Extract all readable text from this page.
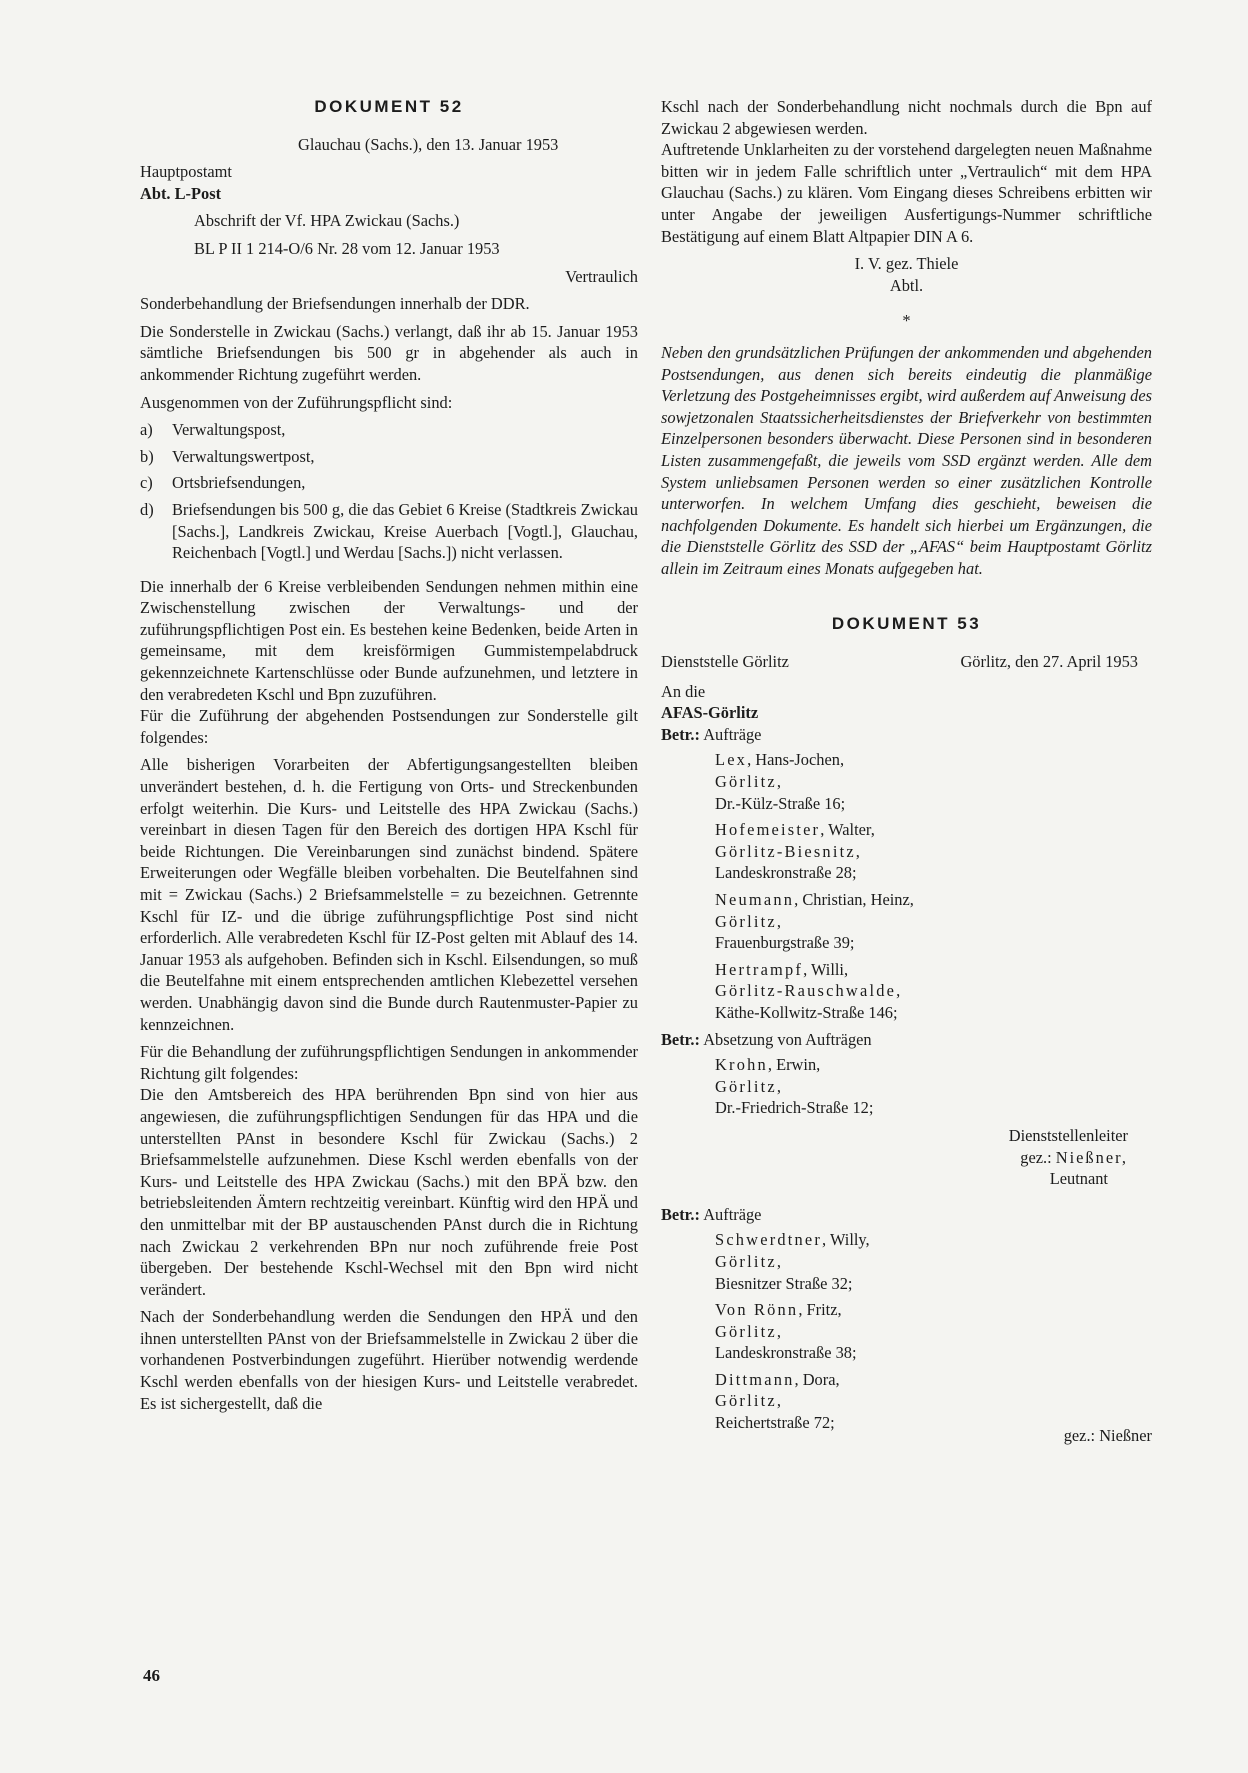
DOKUMENT 52

Glauchau (Sachs.), den 13. Januar 1953

Hauptpostamt

Abt. L-Post

Abschrift der Vf. HPA Zwickau (Sachs.)

BL P II 1 214-O/6 Nr. 28 vom 12. Januar 1953

Vertraulich

Sonderbehandlung der Briefsendungen innerhalb der DDR.

Die Sonderstelle in Zwickau (Sachs.) verlangt, daß ihr ab 15. Januar 1953 sämtliche Briefsendungen bis 500 gr in abgehender als auch in ankommender Richtung zugeführt werden.

Ausgenommen von der Zuführungspflicht sind:

a)	Verwaltungspost,
b)	Verwaltungswertpost,
c)	Ortsbriefsendungen,
d)	Briefsendungen bis 500 g, die das Gebiet 6 Kreise (Stadtkreis Zwickau [Sachs.], Landkreis Zwickau, Kreise Auerbach [Vogtl.], Glauchau, Reichenbach [Vogtl.] und Werdau [Sachs.]) nicht verlassen.

Die innerhalb der 6 Kreise verbleibenden Sendungen nehmen mithin eine Zwischenstellung zwischen der Verwaltungs- und der zuführungspflichtigen Post ein. Es bestehen keine Bedenken, beide Arten in gemeinsame, mit dem kreisförmigen Gummistempelabdruck gekennzeichnete Kartenschlüsse oder Bunde aufzunehmen, und letztere in den verabredeten Kschl und Bpn zuzuführen.

Für die Zuführung der abgehenden Postsendungen zur Sonderstelle gilt folgendes:

Alle bisherigen Vorarbeiten der Abfertigungsangestellten bleiben unverändert bestehen, d. h. die Fertigung von Orts- und Streckenbunden erfolgt weiterhin. Die Kurs- und Leitstelle des HPA Zwickau (Sachs.) vereinbart in diesen Tagen für den Bereich des dortigen HPA Kschl für beide Richtungen. Die Vereinbarungen sind zunächst bindend. Spätere Erweiterungen oder Wegfälle bleiben vorbehalten. Die Beutelfahnen sind mit = Zwickau (Sachs.) 2 Briefsammelstelle = zu bezeichnen. Getrennte Kschl für IZ- und die übrige zuführungspflichtige Post sind nicht erforderlich. Alle verabredeten Kschl für IZ-Post gelten mit Ablauf des 14. Januar 1953 als aufgehoben. Befinden sich in Kschl. Eilsendungen, so muß die Beutelfahne mit einem entsprechenden amtlichen Klebezettel versehen werden. Unabhängig davon sind die Bunde durch Rautenmuster-Papier zu kennzeichnen.

Für die Behandlung der zuführungspflichtigen Sendungen in ankommender Richtung gilt folgendes:

Die den Amtsbereich des HPA berührenden Bpn sind von hier aus angewiesen, die zuführungspflichtigen Sendungen für das HPA und die unterstellten PAnst in besondere Kschl für Zwickau (Sachs.) 2 Briefsammelstelle aufzunehmen. Diese Kschl werden ebenfalls von der Kurs- und Leitstelle des HPA Zwickau (Sachs.) mit den BPÄ bzw. den betriebsleitenden Ämtern rechtzeitig vereinbart. Künftig wird den HPÄ und den unmittelbar mit der BP austauschenden PAnst durch die in Richtung nach Zwickau 2 verkehrenden BPn nur noch zuführende freie Post übergeben. Der bestehende Kschl-Wechsel mit den Bpn wird nicht verändert.

Nach der Sonderbehandlung werden die Sendungen den HPÄ und den ihnen unterstellten PAnst von der Briefsammelstelle in Zwickau 2 über die vorhandenen Postverbindungen zugeführt. Hierüber notwendig werdende Kschl werden ebenfalls von der hiesigen Kurs- und Leitstelle verabredet. Es ist sichergestellt, daß die

Kschl nach der Sonderbehandlung nicht nochmals durch die Bpn auf Zwickau 2 abgewiesen werden.

Auftretende Unklarheiten zu der vorstehend dargelegten neuen Maßnahme bitten wir in jedem Falle schriftlich unter „Vertraulich“ mit dem HPA Glauchau (Sachs.) zu klären. Vom Eingang dieses Schreibens erbitten wir unter Angabe der jeweiligen Ausfertigungs-Nummer schriftliche Bestätigung auf einem Blatt Altpapier DIN A 6.

I. V. gez. Thiele

Abtl.

*

Neben den grundsätzlichen Prüfungen der ankommenden und abgehenden Postsendungen, aus denen sich bereits eindeutig die planmäßige Verletzung des Postgeheimnisses ergibt, wird außerdem auf Anweisung des sowjetzonalen Staatssicherheitsdienstes der Briefverkehr von bestimmten Einzelpersonen besonders überwacht. Diese Personen sind in besonderen Listen zusammengefaßt, die jeweils vom SSD ergänzt werden. Alle dem System unliebsamen Personen werden so einer zusätzlichen Kontrolle unterworfen. In welchem Umfang dies geschieht, beweisen die nachfolgenden Dokumente. Es handelt sich hierbei um Ergänzungen, die die Dienststelle Görlitz des SSD der „AFAS“ beim Hauptpostamt Görlitz allein im Zeitraum eines Monats aufgegeben hat.

DOKUMENT 53
Dienststelle Görlitz	Görlitz, den 27. April 1953

An die

AFAS-Görlitz

Betr.: Aufträge

Lex, Hans-Jochen,
Görlitz,
Dr.-Külz-Straße 16;
Hofemeister, Walter,
Görlitz-Biesnitz,
Landeskronstraße 28;
Neumann, Christian, Heinz,
Görlitz,
Frauenburgstraße 39;
Hertrampf, Willi,
Görlitz-Rauschwalde,
Käthe-Kollwitz-Straße 146;

Betr.: Absetzung von Aufträgen

Krohn, Erwin,
Görlitz,
Dr.-Friedrich-Straße 12;
Dienststellenleiter
gez.: Nießner,
Leutnant

Betr.: Aufträge

Schwerdtner, Willy,
Görlitz,
Biesnitzer Straße 32;
Von Rönn, Fritz,
Görlitz,
Landeskronstraße 38;
Dittmann, Dora,
Görlitz,
Reichertstraße 72;

gez.: Nießner

46
